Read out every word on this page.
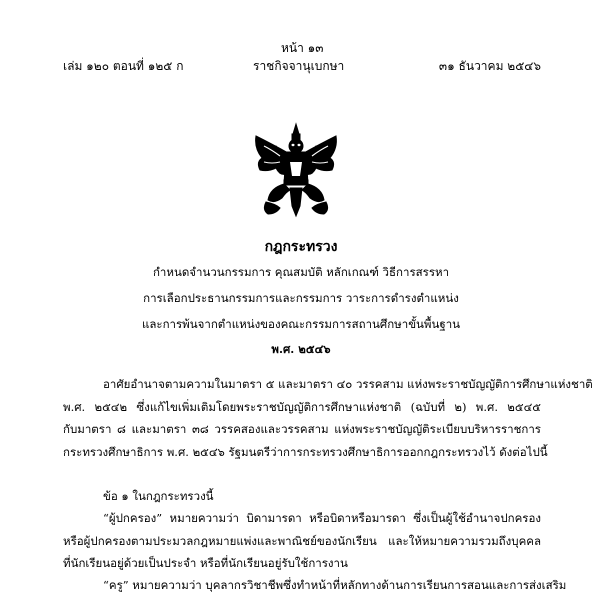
หน้า ๑๓
เล่ม ๑๒๐ ตอนที่ ๑๒๕ ก	ราชกิจจานุเบกษา	๓๑ ธันวาคม ๒๕๔๖
กฎกระทรวง
กำหนดจำนวนกรรมการ คุณสมบัติ หลักเกณฑ์ วิธีการสรรหา
การเลือกประธานกรรมการและกรรมการ วาระการดำรงตำแหน่ง
และการพ้นจากตำแหน่งของคณะกรรมการสถานศึกษาขั้นพื้นฐาน
พ.ศ. ๒๕๔๖
อาศัยอำนาจตามความในมาตรา ๕ และมาตรา ๔๐ วรรคสาม แห่งพระราชบัญญัติการศึกษาแห่งชาติ
พ.ศ. ๒๕๔๒ ซึ่งแก้ไขเพิ่มเติมโดยพระราชบัญญัติการศึกษาแห่งชาติ (ฉบับที่ ๒) พ.ศ. ๒๕๔๕
กับมาตรา ๘ และมาตรา ๓๘ วรรคสองและวรรคสาม แห่งพระราชบัญญัติระเบียบบริหารราชการ
กระทรวงศึกษาธิการ พ.ศ. ๒๕๔๖ รัฐมนตรีว่าการกระทรวงศึกษาธิการออกกฎกระทรวงไว้ ดังต่อไปนี้
ข้อ ๑ ในกฎกระทรวงนี้
“ผู้ปกครอง” หมายความว่า บิดามารดา หรือบิดาหรือมารดา ซึ่งเป็นผู้ใช้อำนาจปกครอง
หรือผู้ปกครองตามประมวลกฎหมายแพ่งและพาณิชย์ของนักเรียน และให้หมายความรวมถึงบุคคล
ที่นักเรียนอยู่ด้วยเป็นประจำ หรือที่นักเรียนอยู่รับใช้การงาน
“ครู” หมายความว่า บุคลากรวิชาชีพซึ่งทำหน้าที่หลักทางด้านการเรียนการสอนและการส่งเสริม
